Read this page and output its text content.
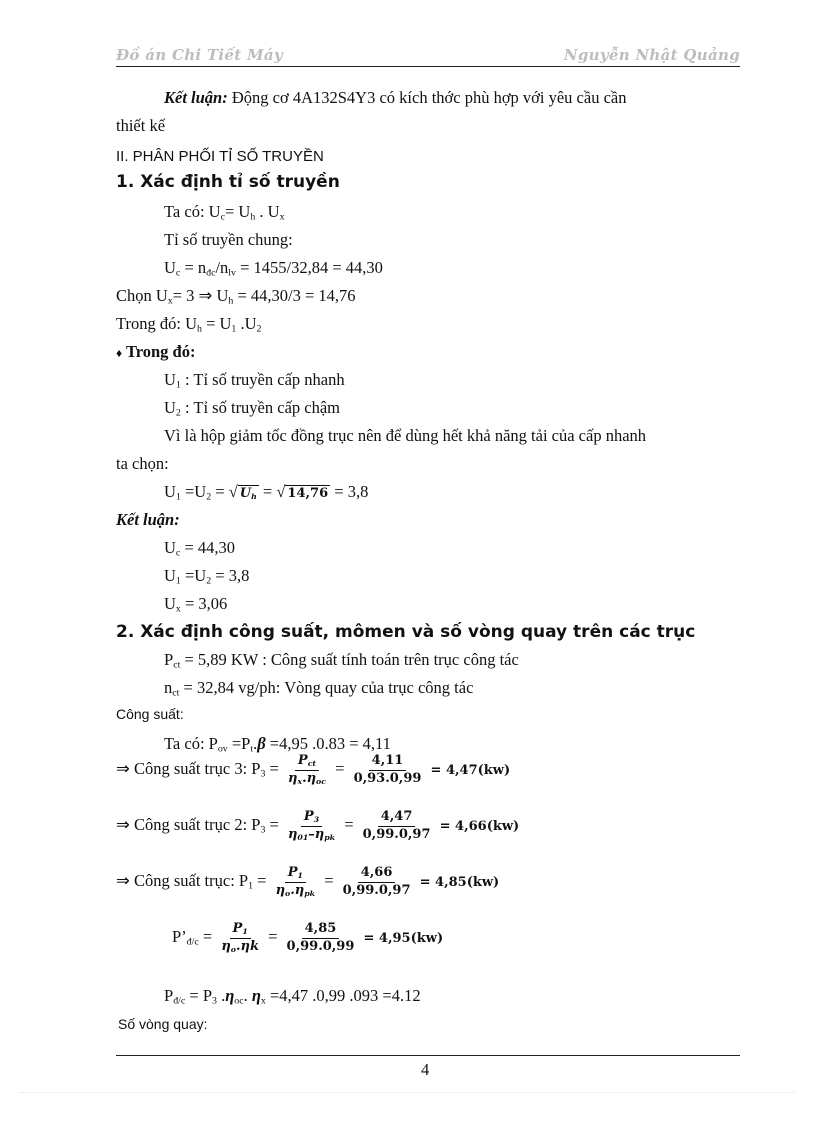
Đồ án Chi Tiết Máy	Nguyễn Nhật Quảng
Kết luận: Động cơ 4A132S4Y3 có kích thớc phù hợp với yêu cầu cần
thiết kế
II. PHÂN PHỐI TỈ SỐ TRUYỀN
1. Xác định tỉ số truyền
Ta có: $U_c= U_h$ . $U_x$
Tỉ số truyền chung:
$U_c = n_{đc}/n_{lv} = 1455/32,84 = 44,30$
Chọn $U_x= 3$ ⇒ $U_h = 44,30/3 = 14,76$
Trong đó: $U_h = U_1$ $.U_2$
♦ Trong đó:
$U_1$ : Tỉ số truyền cấp nhanh
$U_2$ : Tỉ số truyền cấp chậm
Vì là hộp giảm tốc đồng trục nên để dùng hết khả năng tải của cấp nhanh
ta chọn:
$U_1 =U_2$ = √ $U_h$ = √ 14,76 = 3,8
Kết luận:
$U_c = 44,30$
$U_1 =U_2 = 3,8$
$U_x = 3,06$
2. Xác định công suất, mômen và số vòng quay trên các trục
$P_{ct} = 5,89$ KW : Công suất tính toán trên trục công tác
$n_{ct} = 32,84$ vg/ph: Vòng quay của trục công tác
Công suất:
Ta có: $P_{ov} =P_t.\beta =4,95$ .0.83 = 4,11
⇒ Công suất trục 3: $P_3 = \frac{P_{ct}}{\eta_x.\eta_{oc}} = \frac{4,11}{0,93.0,99} = 4,47(kw)$
⇒ Công suất trục 2: $P_3 = \frac{P_3}{\eta_{01}-\eta_{pk}} = \frac{4,47}{0,99.0,97} = 4,66(kw)$
⇒ Công suất trục: $P_1 = \frac{P_1}{\eta_o.\eta_{pk}} = \frac{4,66}{0,99.0,97} = 4,85(kw)$
$P’_{đ/c} = \frac{P_1}{\eta_o.\eta k} = \frac{4,85}{0,99.0,99} = 4,95(kw)$
$P_{đ/c} = P_3$ $.\eta_{oc}$. $\eta_x =4,47$ .0,99 .093 =4.12
Số vòng quay:
4
